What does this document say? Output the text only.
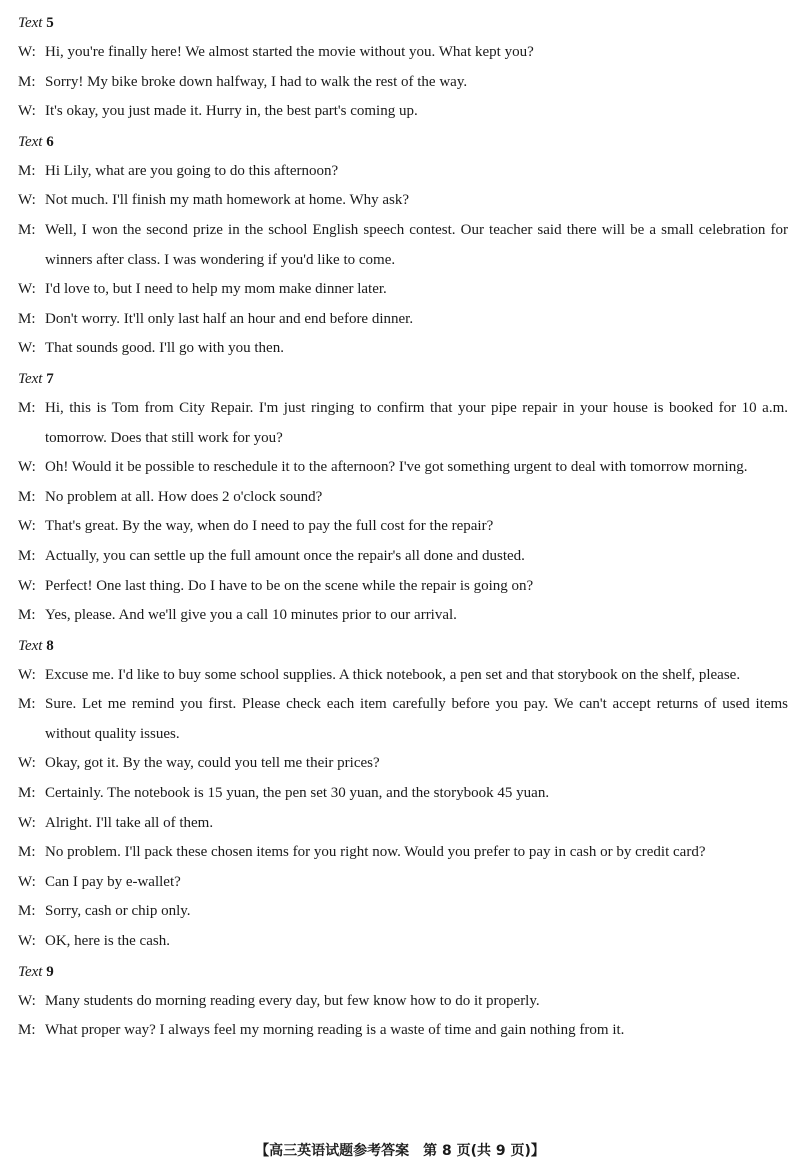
Text 5
W: Hi, you're finally here! We almost started the movie without you. What kept you?
M: Sorry! My bike broke down halfway, I had to walk the rest of the way.
W: It's okay, you just made it. Hurry in, the best part's coming up.
Text 6
M: Hi Lily, what are you going to do this afternoon?
W: Not much. I'll finish my math homework at home. Why ask?
M: Well, I won the second prize in the school English speech contest. Our teacher said there will be a small celebration for winners after class. I was wondering if you'd like to come.
W: I'd love to, but I need to help my mom make dinner later.
M: Don't worry. It'll only last half an hour and end before dinner.
W: That sounds good. I'll go with you then.
Text 7
M: Hi, this is Tom from City Repair. I'm just ringing to confirm that your pipe repair in your house is booked for 10 a.m. tomorrow. Does that still work for you?
W: Oh! Would it be possible to reschedule it to the afternoon? I've got something urgent to deal with tomorrow morning.
M: No problem at all. How does 2 o'clock sound?
W: That's great. By the way, when do I need to pay the full cost for the repair?
M: Actually, you can settle up the full amount once the repair's all done and dusted.
W: Perfect! One last thing. Do I have to be on the scene while the repair is going on?
M: Yes, please. And we'll give you a call 10 minutes prior to our arrival.
Text 8
W: Excuse me. I'd like to buy some school supplies. A thick notebook, a pen set and that storybook on the shelf, please.
M: Sure. Let me remind you first. Please check each item carefully before you pay. We can't accept returns of used items without quality issues.
W: Okay, got it. By the way, could you tell me their prices?
M: Certainly. The notebook is 15 yuan, the pen set 30 yuan, and the storybook 45 yuan.
W: Alright. I'll take all of them.
M: No problem. I'll pack these chosen items for you right now. Would you prefer to pay in cash or by credit card?
W: Can I pay by e-wallet?
M: Sorry, cash or chip only.
W: OK, here is the cash.
Text 9
W: Many students do morning reading every day, but few know how to do it properly.
M: What proper way? I always feel my morning reading is a waste of time and gain nothing from it.
【高三英语试题参考答案　第 8 页(共 9 页)】
